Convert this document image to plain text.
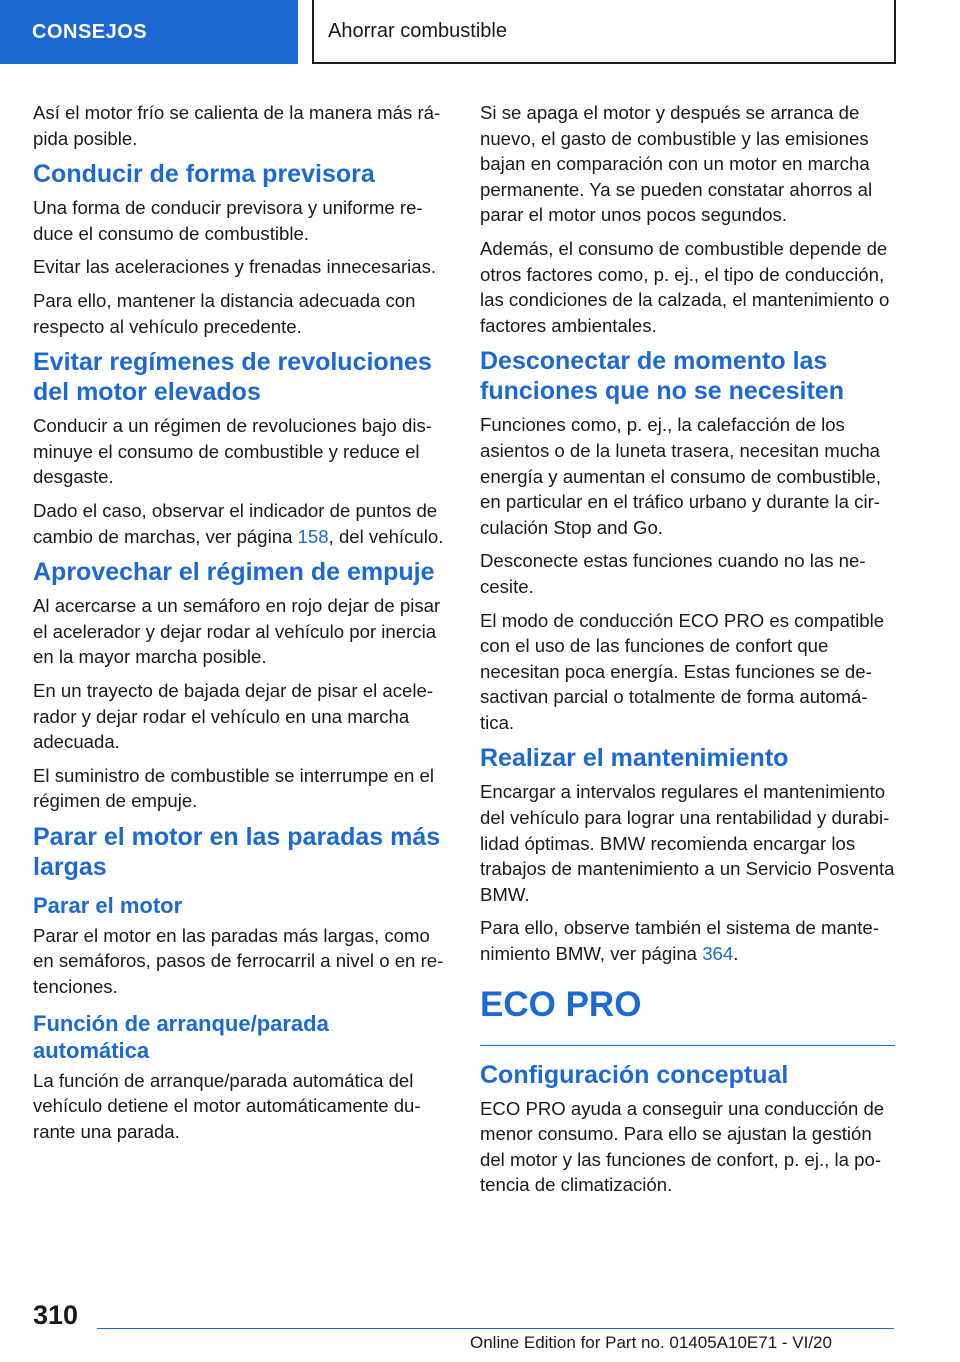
CONSEJOS	Ahorrar combustible

Así el motor frío se calienta de la manera más rápida posible.

Conducir de forma previsora

Una forma de conducir previsora y uniforme reduce el consumo de combustible.

Evitar las aceleraciones y frenadas innecesarias.

Para ello, mantener la distancia adecuada con respecto al vehículo precedente.

Evitar regímenes de revoluciones del motor elevados

Conducir a un régimen de revoluciones bajo disminuye el consumo de combustible y reduce el desgaste.

Dado el caso, observar el indicador de puntos de cambio de marchas, ver página 158, del vehículo.

Aprovechar el régimen de empuje

Al acercarse a un semáforo en rojo dejar de pisar el acelerador y dejar rodar al vehículo por inercia en la mayor marcha posible.

En un trayecto de bajada dejar de pisar el acelerador y dejar rodar el vehículo en una marcha adecuada.

El suministro de combustible se interrumpe en el régimen de empuje.

Parar el motor en las paradas más largas
Parar el motor

Parar el motor en las paradas más largas, como en semáforos, pasos de ferrocarril a nivel o en retenciones.

Función de arranque/parada automática

La función de arranque/parada automática del vehículo detiene el motor automáticamente durante una parada.

Si se apaga el motor y después se arranca de nuevo, el gasto de combustible y las emisiones bajan en comparación con un motor en marcha permanente. Ya se pueden constatar ahorros al parar el motor unos pocos segundos.

Además, el consumo de combustible depende de otros factores como, p. ej., el tipo de conducción, las condiciones de la calzada, el mantenimiento o factores ambientales.

Desconectar de momento las funciones que no se necesiten

Funciones como, p. ej., la calefacción de los asientos o de la luneta trasera, necesitan mucha energía y aumentan el consumo de combustible, en particular en el tráfico urbano y durante la circulación Stop and Go.

Desconecte estas funciones cuando no las necesite.

El modo de conducción ECO PRO es compatible con el uso de las funciones de confort que necesitan poca energía. Estas funciones se desactivan parcial o totalmente de forma automática.

Realizar el mantenimiento

Encargar a intervalos regulares el mantenimiento del vehículo para lograr una rentabilidad y durabilidad óptimas. BMW recomienda encargar los trabajos de mantenimiento a un Servicio Posventa BMW.

Para ello, observe también el sistema de mantenimiento BMW, ver página 364.

ECO PRO
Configuración conceptual

ECO PRO ayuda a conseguir una conducción de menor consumo. Para ello se ajustan la gestión del motor y las funciones de confort, p. ej., la potencia de climatización.

310
Online Edition for Part no. 01405A10E71 - VI/20
